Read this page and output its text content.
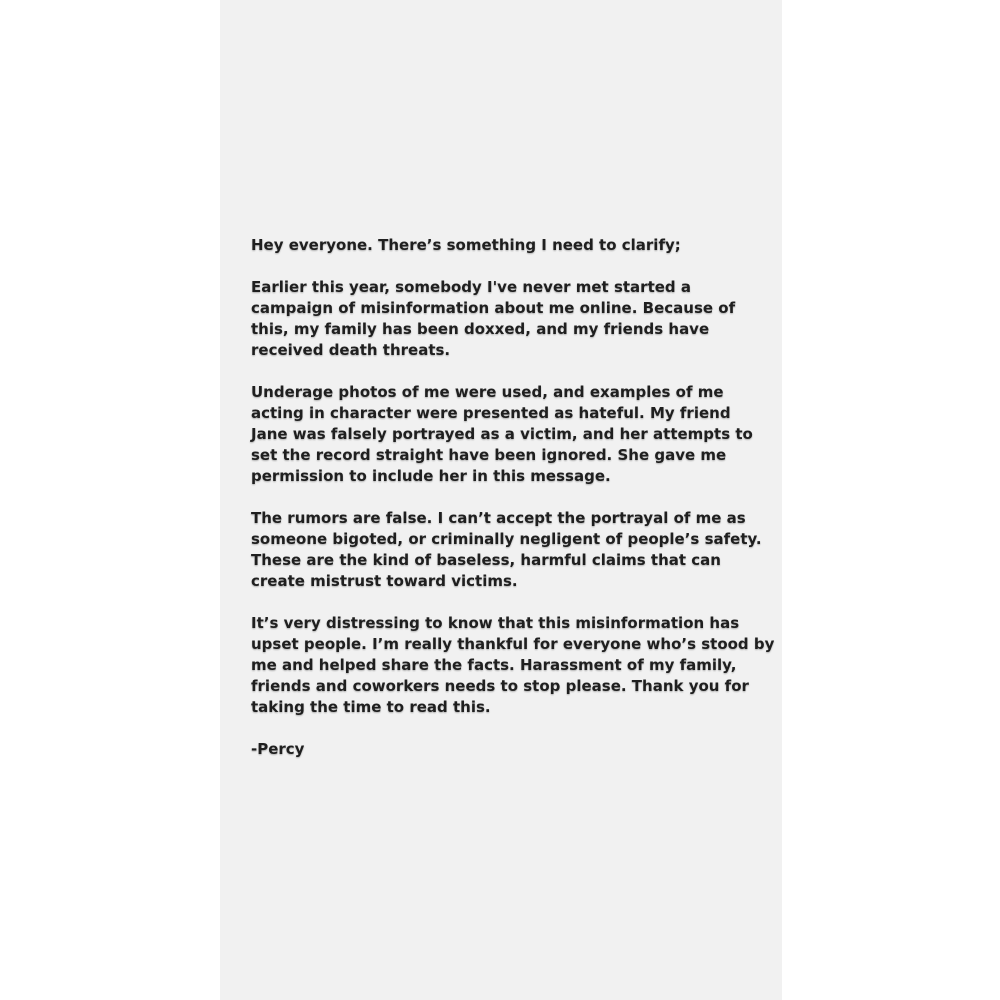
Hey everyone. There’s something I need to clarify;

Earlier this year, somebody I've never met started a
campaign of misinformation about me online. Because of
this, my family has been doxxed, and my friends have
received death threats.

Underage photos of me were used, and examples of me
acting in character were presented as hateful. My friend
Jane was falsely portrayed as a victim, and her attempts to
set the record straight have been ignored. She gave me
permission to include her in this message.

The rumors are false. I can’t accept the portrayal of me as
someone bigoted, or criminally negligent of people’s safety.
These are the kind of baseless, harmful claims that can
create mistrust toward victims.

It’s very distressing to know that this misinformation has
upset people. I’m really thankful for everyone who’s stood by
me and helped share the facts. Harassment of my family,
friends and coworkers needs to stop please. Thank you for
taking the time to read this.

-Percy
